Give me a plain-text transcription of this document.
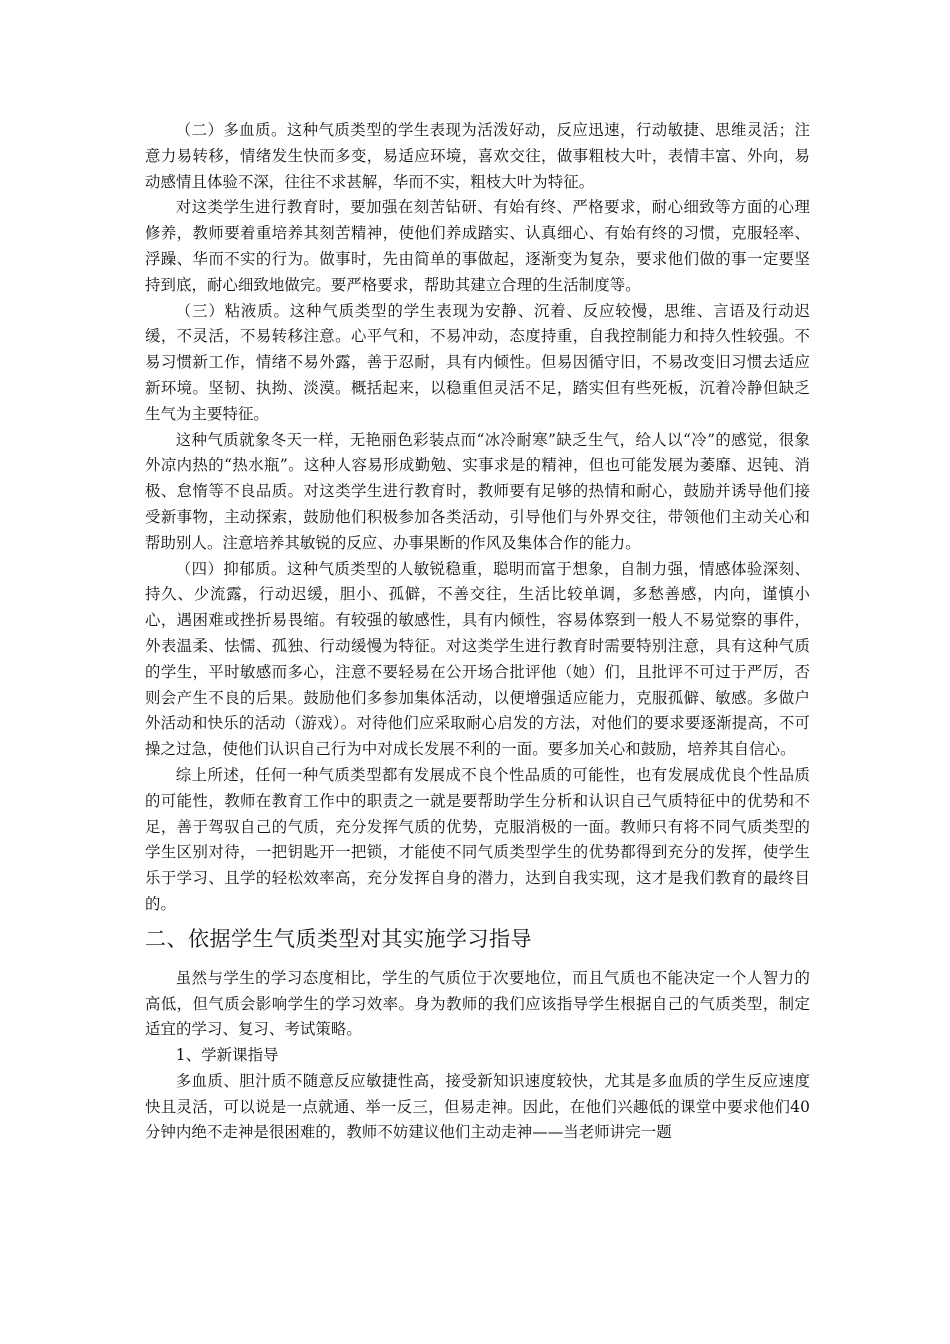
（二）多血质。这种气质类型的学生表现为活泼好动，反应迅速，行动敏捷、思维灵活；注意力易转移，情绪发生快而多变，易适应环境，喜欢交往，做事粗枝大叶，表情丰富、外向，易动感情且体验不深，往往不求甚解，华而不实，粗枝大叶为特征。

对这类学生进行教育时，要加强在刻苦钻研、有始有终、严格要求，耐心细致等方面的心理修养，教师要着重培养其刻苦精神，使他们养成踏实、认真细心、有始有终的习惯，克服轻率、浮躁、华而不实的行为。做事时，先由简单的事做起，逐渐变为复杂，要求他们做的事一定要坚持到底，耐心细致地做完。要严格要求，帮助其建立合理的生活制度等。

（三）粘液质。这种气质类型的学生表现为安静、沉着、反应较慢，思维、言语及行动迟缓，不灵活，不易转移注意。心平气和，不易冲动，态度持重，自我控制能力和持久性较强。不易习惯新工作，情绪不易外露，善于忍耐，具有内倾性。但易因循守旧，不易改变旧习惯去适应新环境。坚韧、执拗、淡漠。概括起来，以稳重但灵活不足，踏实但有些死板，沉着冷静但缺乏生气为主要特征。

这种气质就象冬天一样，无艳丽色彩装点而“冰冷耐寒”缺乏生气，给人以“冷”的感觉，很象外凉内热的“热水瓶”。这种人容易形成勤勉、实事求是的精神，但也可能发展为萎靡、迟钝、消极、怠惰等不良品质。对这类学生进行教育时，教师要有足够的热情和耐心，鼓励并诱导他们接受新事物，主动探索，鼓励他们积极参加各类活动，引导他们与外界交往，带领他们主动关心和帮助别人。注意培养其敏锐的反应、办事果断的作风及集体合作的能力。

（四）抑郁质。这种气质类型的人敏锐稳重，聪明而富于想象，自制力强，情感体验深刻、持久、少流露，行动迟缓，胆小、孤僻，不善交往，生活比较单调，多愁善感，内向，谨慎小心，遇困难或挫折易畏缩。有较强的敏感性，具有内倾性，容易体察到一般人不易觉察的事件，外表温柔、怯懦、孤独、行动缓慢为特征。对这类学生进行教育时需要特别注意，具有这种气质的学生，平时敏感而多心，注意不要轻易在公开场合批评他（她）们，且批评不可过于严厉，否则会产生不良的后果。鼓励他们多参加集体活动，以便增强适应能力，克服孤僻、敏感。多做户外活动和快乐的活动（游戏）。对待他们应采取耐心启发的方法，对他们的要求要逐渐提高，不可操之过急，使他们认识自己行为中对成长发展不利的一面。要多加关心和鼓励，培养其自信心。

综上所述，任何一种气质类型都有发展成不良个性品质的可能性，也有发展成优良个性品质的可能性，教师在教育工作中的职责之一就是要帮助学生分析和认识自己气质特征中的优势和不足，善于驾驭自己的气质，充分发挥气质的优势，克服消极的一面。教师只有将不同气质类型的学生区别对待，一把钥匙开一把锁，才能使不同气质类型学生的优势都得到充分的发挥，使学生乐于学习、且学的轻松效率高，充分发挥自身的潜力，达到自我实现，这才是我们教育的最终目的。

二、依据学生气质类型对其实施学习指导

虽然与学生的学习态度相比，学生的气质位于次要地位，而且气质也不能决定一个人智力的高低，但气质会影响学生的学习效率。身为教师的我们应该指导学生根据自己的气质类型，制定适宜的学习、复习、考试策略。

1、学新课指导

多血质、胆汁质不随意反应敏捷性高，接受新知识速度较快，尤其是多血质的学生反应速度快且灵活，可以说是一点就通、举一反三，但易走神。因此，在他们兴趣低的课堂中要求他们40分钟内绝不走神是很困难的，教师不妨建议他们主动走神——当老师讲完一题
